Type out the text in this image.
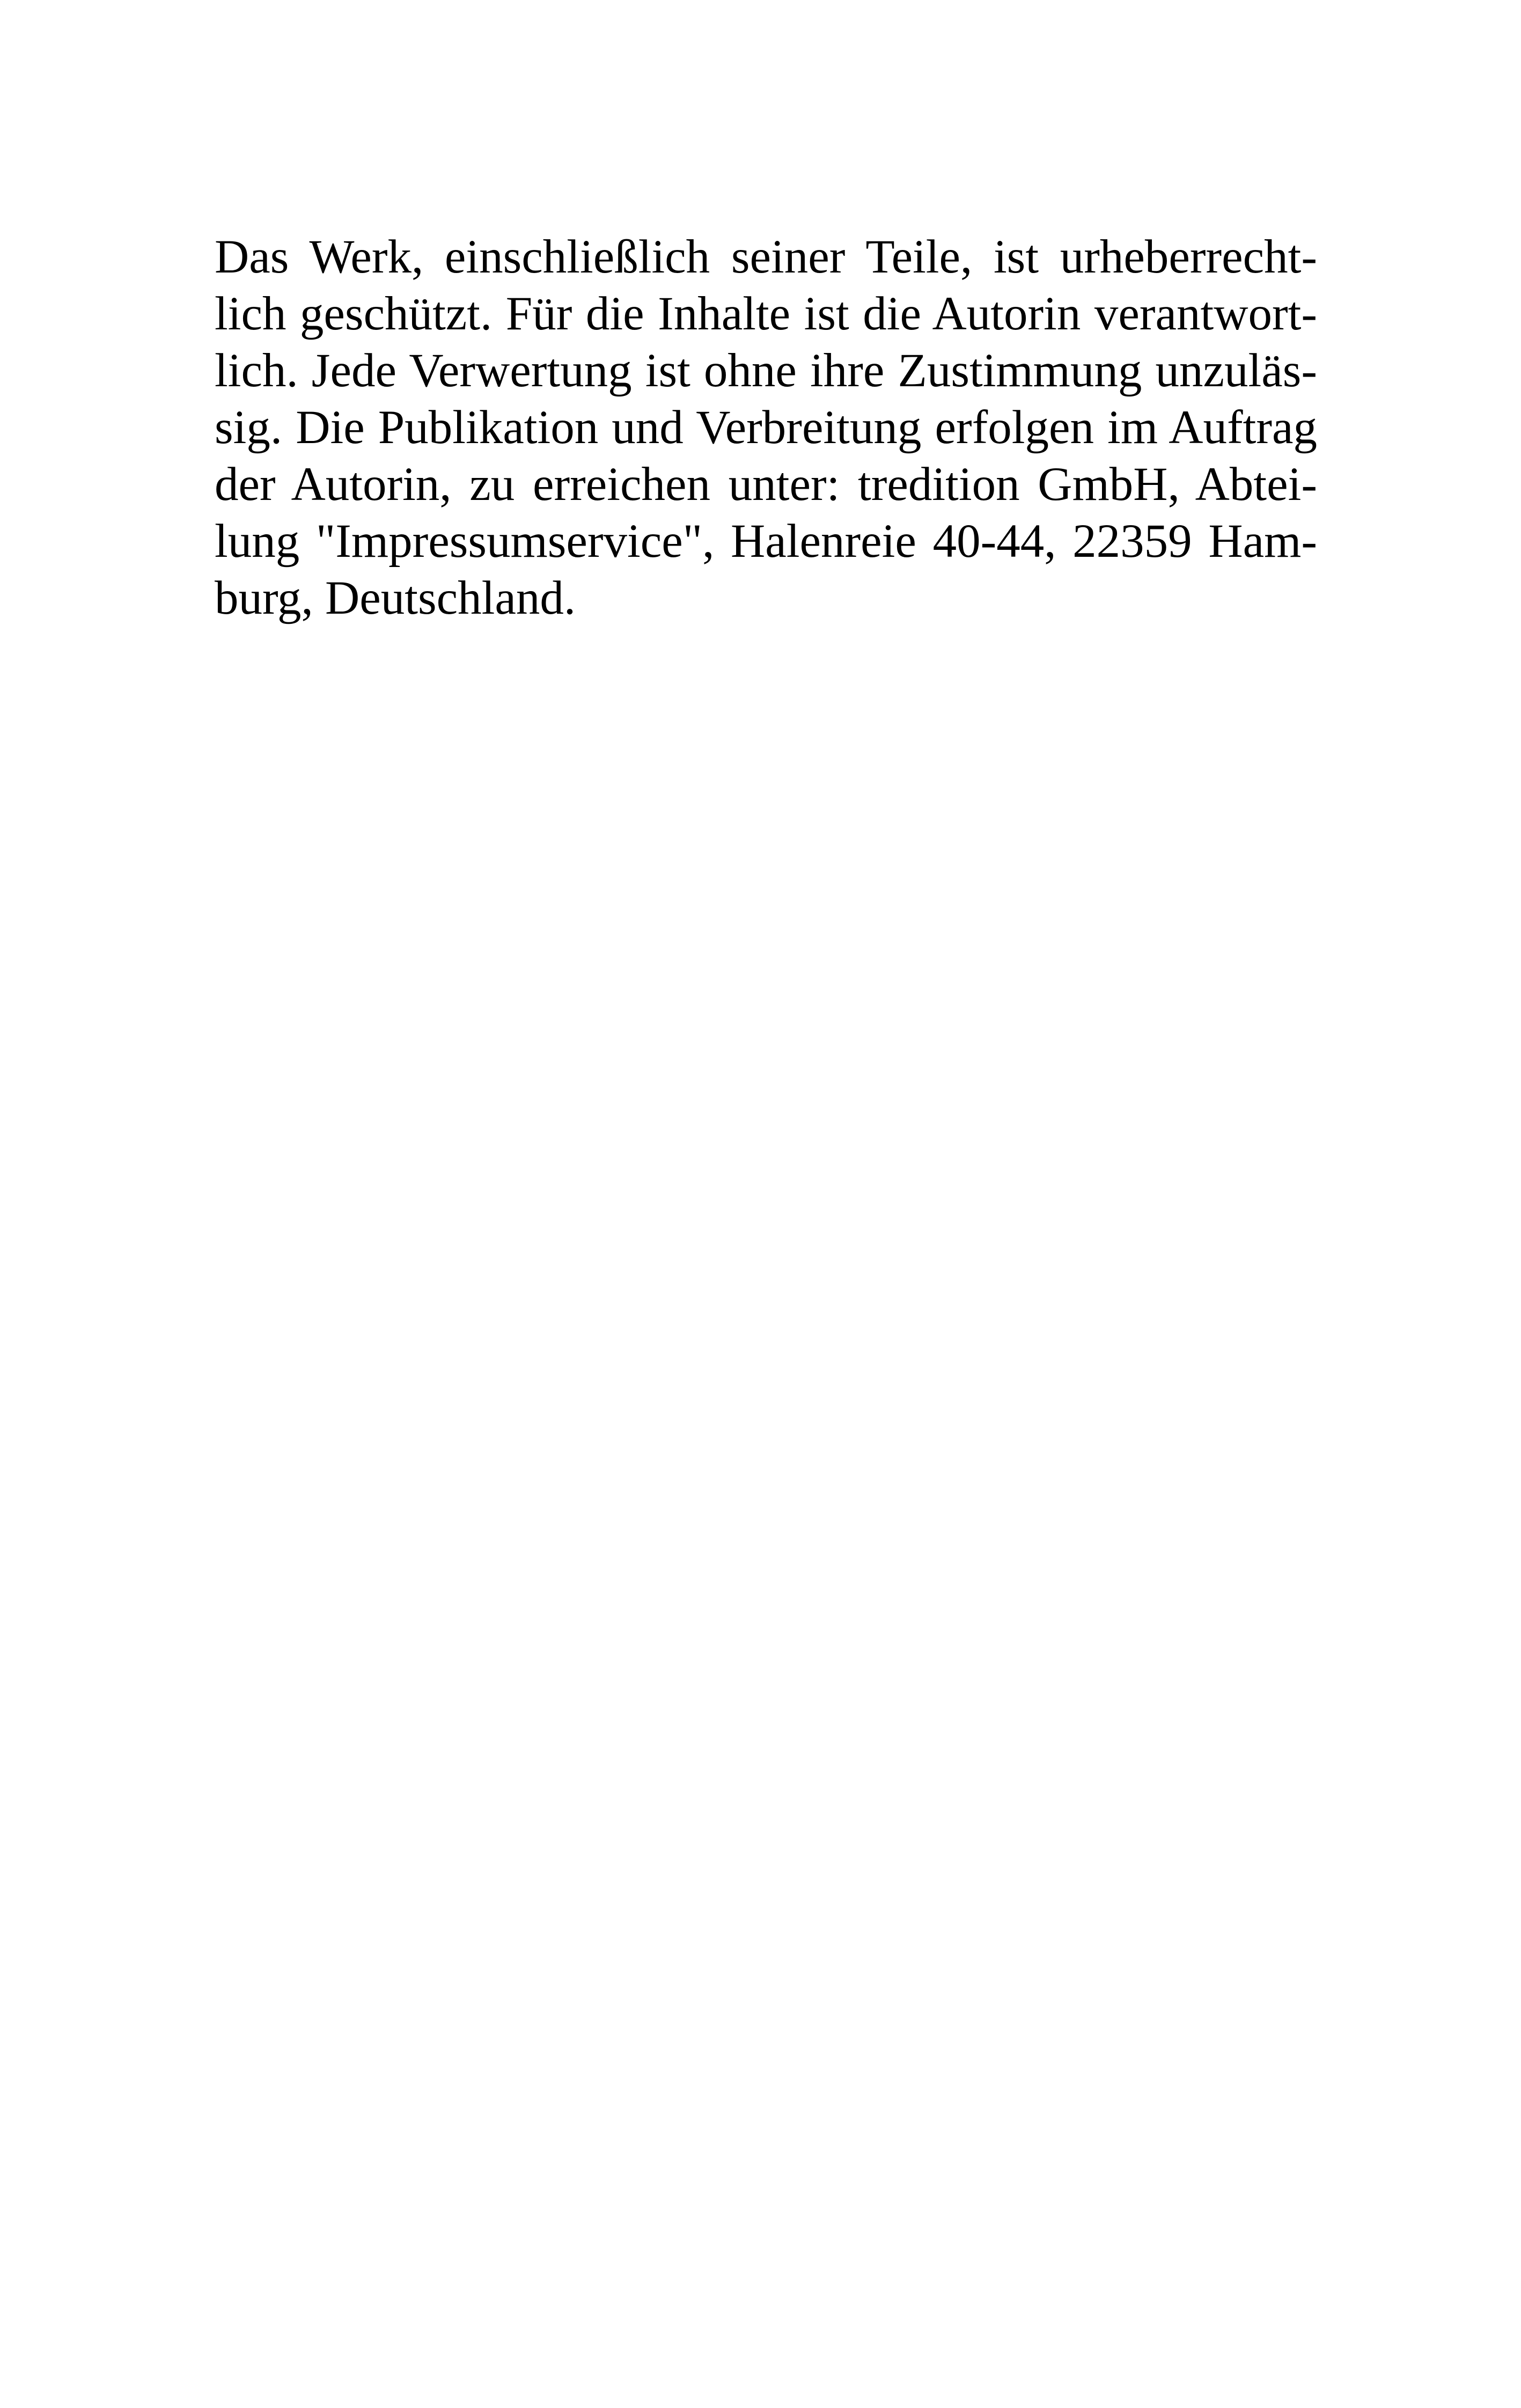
Das Werk, einschließlich seiner Teile, ist urheberrecht-
lich geschützt. Für die Inhalte ist die Autorin verantwort-
lich. Jede Verwertung ist ohne ihre Zustimmung unzuläs-
sig. Die Publikation und Verbreitung erfolgen im Auftrag
der Autorin, zu erreichen unter: tredition GmbH, Abtei-
lung "Impressumservice", Halenreie 40-44, 22359 Ham-
burg, Deutschland.
